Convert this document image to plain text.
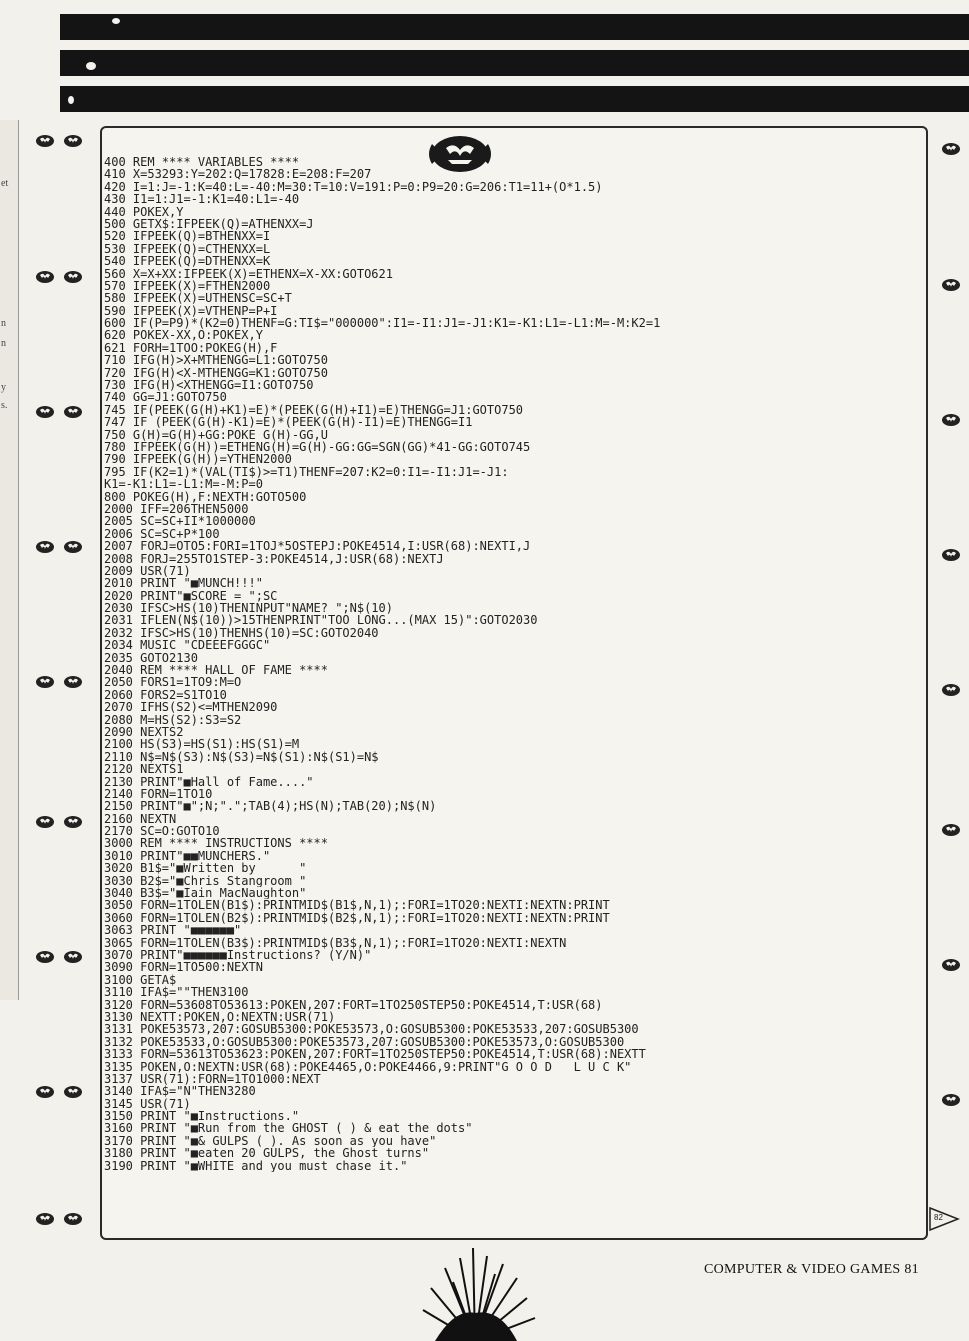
et
n
n
y
s.
400 REM **** VARIABLES ****
410 X=53293:Y=202:Q=17828:E=208:F=207
420 I=1:J=-1:K=40:L=-40:M=30:T=10:V=191:P=0:P9=20:G=206:T1=11+(O*1.5)
430 I1=1:J1=-1:K1=40:L1=-40
440 POKEX,Y
500 GETX$:IFPEEK(Q)=ATHENXX=J
520 IFPEEK(Q)=BTHENXX=I
530 IFPEEK(Q)=CTHENXX=L
540 IFPEEK(Q)=DTHENXX=K
560 X=X+XX:IFPEEK(X)=ETHENX=X-XX:GOTO621
570 IFPEEK(X)=FTHEN2000
580 IFPEEK(X)=UTHENSC=SC+T
590 IFPEEK(X)=VTHENP=P+I
600 IF(P=P9)*(K2=0)THENF=G:TI$="000000":I1=-I1:J1=-J1:K1=-K1:L1=-L1:M=-M:K2=1
620 POKEX-XX,O:POKEX,Y
621 FORH=1TOO:POKEG(H),F
710 IFG(H)>X+MTHENGG=L1:GOTO750
720 IFG(H)<X-MTHENGG=K1:GOTO750
730 IFG(H)<XTHENGG=I1:GOTO750
740 GG=J1:GOTO750
745 IF(PEEK(G(H)+K1)=E)*(PEEK(G(H)+I1)=E)THENGG=J1:GOTO750
747 IF (PEEK(G(H)-K1)=E)*(PEEK(G(H)-I1)=E)THENGG=I1
750 G(H)=G(H)+GG:POKE G(H)-GG,U
780 IFPEEK(G(H))=ETHENG(H)=G(H)-GG:GG=SGN(GG)*41-GG:GOTO745
790 IFPEEK(G(H))=YTHEN2000
795 IF(K2=1)*(VAL(TI$)>=T1)THENF=207:K2=0:I1=-I1:J1=-J1:
K1=-K1:L1=-L1:M=-M:P=0
800 POKEG(H),F:NEXTH:GOTO500
2000 IFF=206THEN5000
2005 SC=SC+II*1000000
2006 SC=SC+P*100
2007 FORJ=OTO5:FORI=1TOJ*5OSTEPJ:POKE4514,I:USR(68):NEXTI,J
2008 FORJ=255TO1STEP-3:POKE4514,J:USR(68):NEXTJ
2009 USR(71)
2010 PRINT "■MUNCH!!!"
2020 PRINT"■SCORE = ";SC
2030 IFSC>HS(10)THENINPUT"NAME? ";N$(10)
2031 IFLEN(N$(10))>15THENPRINT"TOO LONG...(MAX 15)":GOTO2030
2032 IFSC>HS(10)THENHS(10)=SC:GOTO2040
2034 MUSIC "CDEEEFGGGC"
2035 GOTO2130
2040 REM **** HALL OF FAME ****
2050 FORS1=1TO9:M=O
2060 FORS2=S1TO10
2070 IFHS(S2)<=MTHEN2090
2080 M=HS(S2):S3=S2
2090 NEXTS2
2100 HS(S3)=HS(S1):HS(S1)=M
2110 N$=N$(S3):N$(S3)=N$(S1):N$(S1)=N$
2120 NEXTS1
2130 PRINT"■Hall of Fame...."
2140 FORN=1TO10
2150 PRINT"■";N;".";TAB(4);HS(N);TAB(20);N$(N)
2160 NEXTN
2170 SC=O:GOTO10
3000 REM **** INSTRUCTIONS ****
3010 PRINT"■■MUNCHERS."
3020 B1$="■Written by      "
3030 B2$="■Chris Stangroom "
3040 B3$="■Iain MacNaughton"
3050 FORN=1TOLEN(B1$):PRINTMID$(B1$,N,1);:FORI=1TO20:NEXTI:NEXTN:PRINT
3060 FORN=1TOLEN(B2$):PRINTMID$(B2$,N,1);:FORI=1TO20:NEXTI:NEXTN:PRINT
3063 PRINT "■■■■■■"
3065 FORN=1TOLEN(B3$):PRINTMID$(B3$,N,1);:FORI=1TO20:NEXTI:NEXTN
3070 PRINT"■■■■■■Instructions? (Y/N)"
3090 FORN=1TO500:NEXTN
3100 GETA$
3110 IFA$=""THEN3100
3120 FORN=53608TO53613:POKEN,207:FORT=1TO250STEP50:POKE4514,T:USR(68)
3130 NEXTT:POKEN,O:NEXTN:USR(71)
3131 POKE53573,207:GOSUB5300:POKE53573,O:GOSUB5300:POKE53533,207:GOSUB5300
3132 POKE53533,O:GOSUB5300:POKE53573,207:GOSUB5300:POKE53573,O:GOSUB5300
3133 FORN=53613TO53623:POKEN,207:FORT=1TO250STEP50:POKE4514,T:USR(68):NEXTT
3135 POKEN,O:NEXTN:USR(68):POKE4465,O:POKE4466,9:PRINT"G O O D   L U C K"
3137 USR(71):FORN=1TO1000:NEXT
3140 IFA$="N"THEN3280
3145 USR(71)
3150 PRINT "■Instructions."
3160 PRINT "■Run from the GHOST ( ) & eat the dots"
3170 PRINT "■& GULPS ( ). As soon as you have"
3180 PRINT "■eaten 20 GULPS, the Ghost turns"
3190 PRINT "■WHITE and you must chase it."
82
COMPUTER & VIDEO GAMES 81
